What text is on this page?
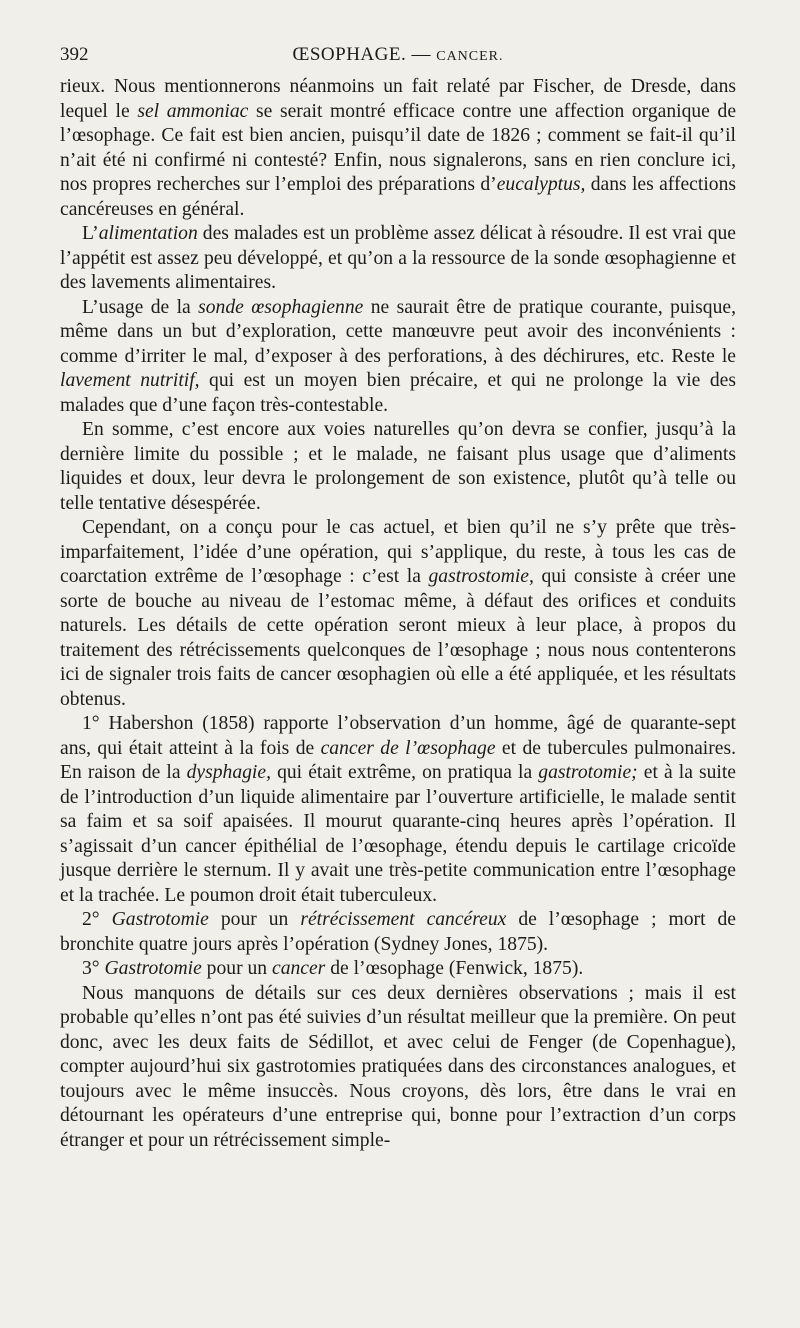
392	ŒSOPHAGE. — CANCER.

rieux. Nous mentionnerons néanmoins un fait relaté par Fischer, de Dresde, dans lequel le sel ammoniac se serait montré efficace contre une affection organique de l’œsophage. Ce fait est bien ancien, puisqu’il date de 1826 ; comment se fait-il qu’il n’ait été ni confirmé ni contesté? Enfin, nous signalerons, sans en rien conclure ici, nos propres recherches sur l’emploi des préparations d’eucalyptus, dans les affections cancéreuses en général.

L’alimentation des malades est un problème assez délicat à résoudre. Il est vrai que l’appétit est assez peu développé, et qu’on a la ressource de la sonde œsophagienne et des lavements alimentaires.

L’usage de la sonde œsophagienne ne saurait être de pratique courante, puisque, même dans un but d’exploration, cette manœuvre peut avoir des inconvénients : comme d’irriter le mal, d’exposer à des perforations, à des déchirures, etc. Reste le lavement nutritif, qui est un moyen bien précaire, et qui ne prolonge la vie des malades que d’une façon très-contestable.

En somme, c’est encore aux voies naturelles qu’on devra se confier, jusqu’à la dernière limite du possible ; et le malade, ne faisant plus usage que d’aliments liquides et doux, leur devra le prolongement de son existence, plutôt qu’à telle ou telle tentative désespérée.

Cependant, on a conçu pour le cas actuel, et bien qu’il ne s’y prête que très-imparfaitement, l’idée d’une opération, qui s’applique, du reste, à tous les cas de coarctation extrême de l’œsophage : c’est la gastrostomie, qui consiste à créer une sorte de bouche au niveau de l’estomac même, à défaut des orifices et conduits naturels. Les détails de cette opération seront mieux à leur place, à propos du traitement des rétrécissements quelconques de l’œsophage ; nous nous contenterons ici de signaler trois faits de cancer œsophagien où elle a été appliquée, et les résultats obtenus.

1° Habershon (1858) rapporte l’observation d’un homme, âgé de quarante-sept ans, qui était atteint à la fois de cancer de l’œsophage et de tubercules pulmonaires. En raison de la dysphagie, qui était extrême, on pratiqua la gastrotomie; et à la suite de l’introduction d’un liquide alimentaire par l’ouverture artificielle, le malade sentit sa faim et sa soif apaisées. Il mourut quarante-cinq heures après l’opération. Il s’agissait d’un cancer épithélial de l’œsophage, étendu depuis le cartilage cricoïde jusque derrière le sternum. Il y avait une très-petite communication entre l’œsophage et la trachée. Le poumon droit était tuberculeux.

2° Gastrotomie pour un rétrécissement cancéreux de l’œsophage ; mort de bronchite quatre jours après l’opération (Sydney Jones, 1875).

3° Gastrotomie pour un cancer de l’œsophage (Fenwick, 1875).

Nous manquons de détails sur ces deux dernières observations ; mais il est probable qu’elles n’ont pas été suivies d’un résultat meilleur que la première. On peut donc, avec les deux faits de Sédillot, et avec celui de Fenger (de Copenhague), compter aujourd’hui six gastrotomies pratiquées dans des circonstances analogues, et toujours avec le même insuccès. Nous croyons, dès lors, être dans le vrai en détournant les opérateurs d’une entreprise qui, bonne pour l’extraction d’un corps étranger et pour un rétrécissement simple-
